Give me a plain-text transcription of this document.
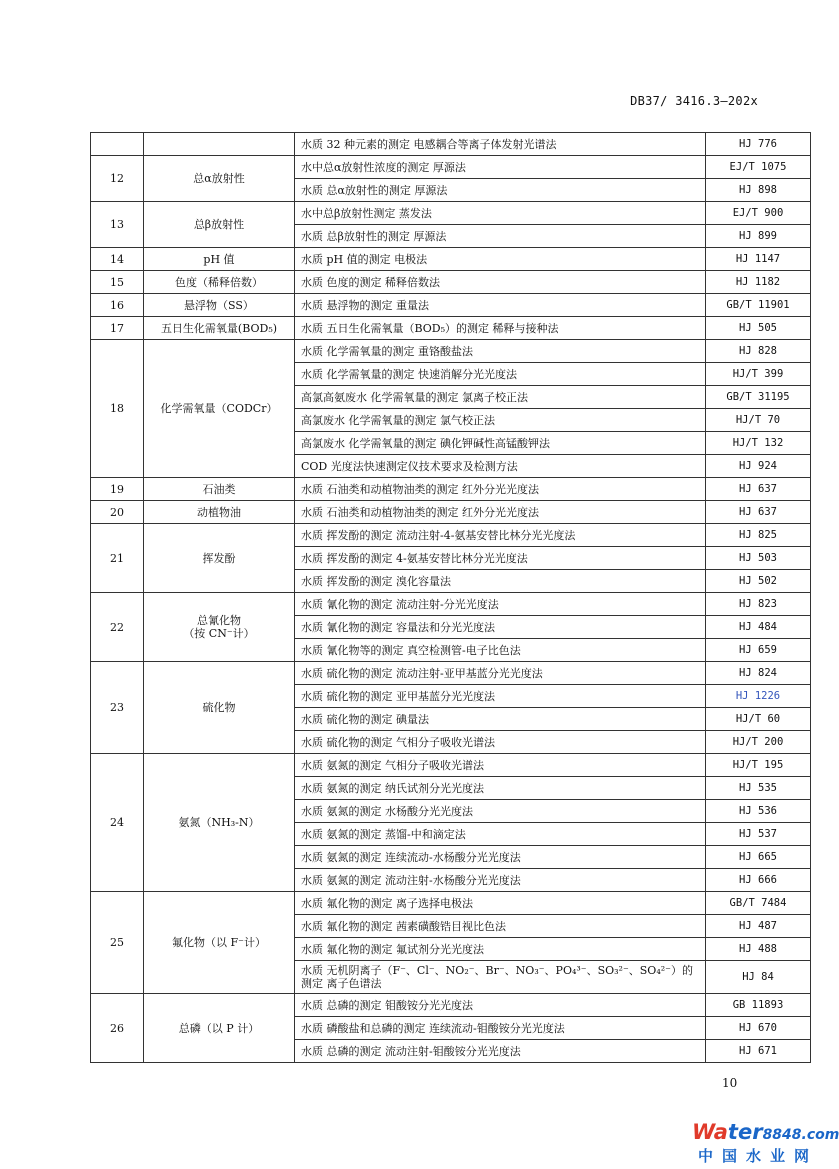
DB37/ 3416.3—202x
		水质 32 种元素的测定 电感耦合等离子体发射光谱法	HJ 776
12	总α放射性	水中总α放射性浓度的测定 厚源法	EJ/T 1075
		水质 总α放射性的测定 厚源法	HJ 898
13	总β放射性	水中总β放射性测定 蒸发法	EJ/T 900
		水质 总β放射性的测定 厚源法	HJ 899
14	pH 值	水质 pH 值的测定 电极法	HJ 1147
15	色度（稀释倍数）	水质 色度的测定 稀释倍数法	HJ 1182
16	悬浮物（SS）	水质 悬浮物的测定 重量法	GB/T 11901
17	五日生化需氧量(BOD₅)	水质 五日生化需氧量（BOD₅）的测定 稀释与接种法	HJ 505
18	化学需氧量（CODCr）	水质 化学需氧量的测定 重铬酸盐法	HJ 828
		水质 化学需氧量的测定 快速消解分光光度法	HJ/T 399
		高氯高氨废水 化学需氧量的测定 氯离子校正法	GB/T 31195
		高氯废水 化学需氧量的测定 氯气校正法	HJ/T 70
		高氯废水 化学需氧量的测定 碘化钾碱性高锰酸钾法	HJ/T 132
		COD 光度法快速测定仪技术要求及检测方法	HJ 924
19	石油类	水质 石油类和动植物油类的测定 红外分光光度法	HJ 637
20	动植物油	水质 石油类和动植物油类的测定 红外分光光度法	HJ 637
21	挥发酚	水质 挥发酚的测定 流动注射-4-氨基安替比林分光光度法	HJ 825
		水质 挥发酚的测定 4-氨基安替比林分光光度法	HJ 503
		水质 挥发酚的测定 溴化容量法	HJ 502
22	总氰化物
（按 CN⁻计）	水质 氰化物的测定 流动注射-分光光度法	HJ 823
		水质 氰化物的测定 容量法和分光光度法	HJ 484
		水质 氰化物等的测定 真空检测管-电子比色法	HJ 659
23	硫化物	水质 硫化物的测定 流动注射-亚甲基蓝分光光度法	HJ 824
		水质 硫化物的测定 亚甲基蓝分光光度法	HJ 1226
		水质 硫化物的测定 碘量法	HJ/T 60
		水质 硫化物的测定 气相分子吸收光谱法	HJ/T 200
24	氨氮（NH₃-N）	水质 氨氮的测定 气相分子吸收光谱法	HJ/T 195
		水质 氨氮的测定 纳氏试剂分光光度法	HJ 535
		水质 氨氮的测定 水杨酸分光光度法	HJ 536
		水质 氨氮的测定 蒸馏-中和滴定法	HJ 537
		水质 氨氮的测定 连续流动-水杨酸分光光度法	HJ 665
		水质 氨氮的测定 流动注射-水杨酸分光光度法	HJ 666
25	氟化物（以 F⁻计）	水质 氟化物的测定 离子选择电极法	GB/T 7484
		水质 氟化物的测定 茜素磺酸锆目视比色法	HJ 487
		水质 氟化物的测定 氟试剂分光光度法	HJ 488
		水质 无机阴离子（F⁻、Cl⁻、NO₂⁻、Br⁻、NO₃⁻、PO₄³⁻、SO₃²⁻、SO₄²⁻）的测定 离子色谱法	HJ 84
26	总磷（以 P 计）	水质 总磷的测定 钼酸铵分光光度法	GB 11893
		水质 磷酸盐和总磷的测定 连续流动-钼酸铵分光光度法	HJ 670
		水质 总磷的测定 流动注射-钼酸铵分光光度法	HJ 671
10
Water8848.com
中国水业网
